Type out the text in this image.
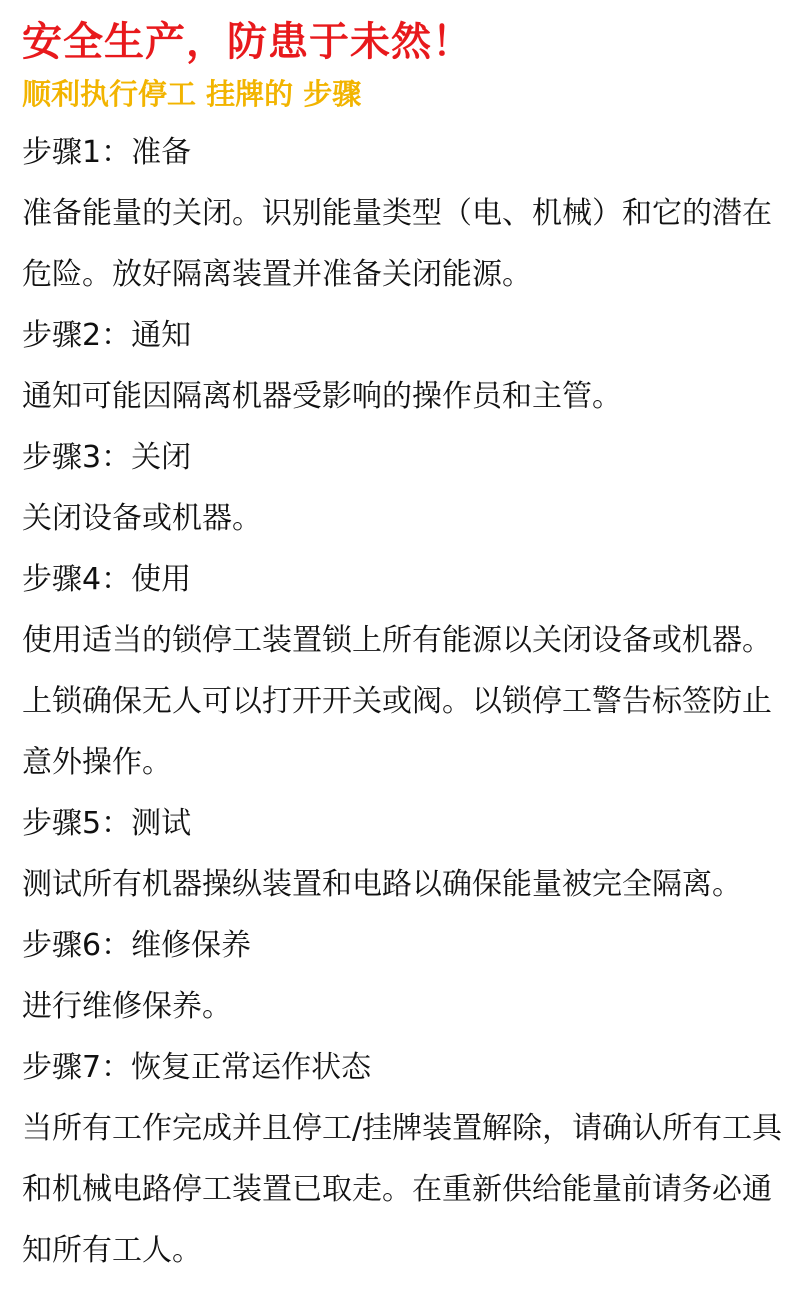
安全生产，防患于未然！
顺利执行停工 挂牌的 步骤

步骤1：准备

准备能量的关闭。识别能量类型（电、机械）和它的潜在危险。放好隔离装置并准备关闭能源。

步骤2：通知

通知可能因隔离机器受影响的操作员和主管。

步骤3：关闭

关闭设备或机器。

步骤4：使用

使用适当的锁停工装置锁上所有能源以关闭设备或机器。上锁确保无人可以打开开关或阀。以锁停工警告标签防止意外操作。

步骤5：测试

测试所有机器操纵装置和电路以确保能量被完全隔离。

步骤6：维修保养

进行维修保养。

步骤7：恢复正常运作状态

当所有工作完成并且停工/挂牌装置解除，请确认所有工具和机械电路停工装置已取走。在重新供给能量前请务必通知所有工人。
